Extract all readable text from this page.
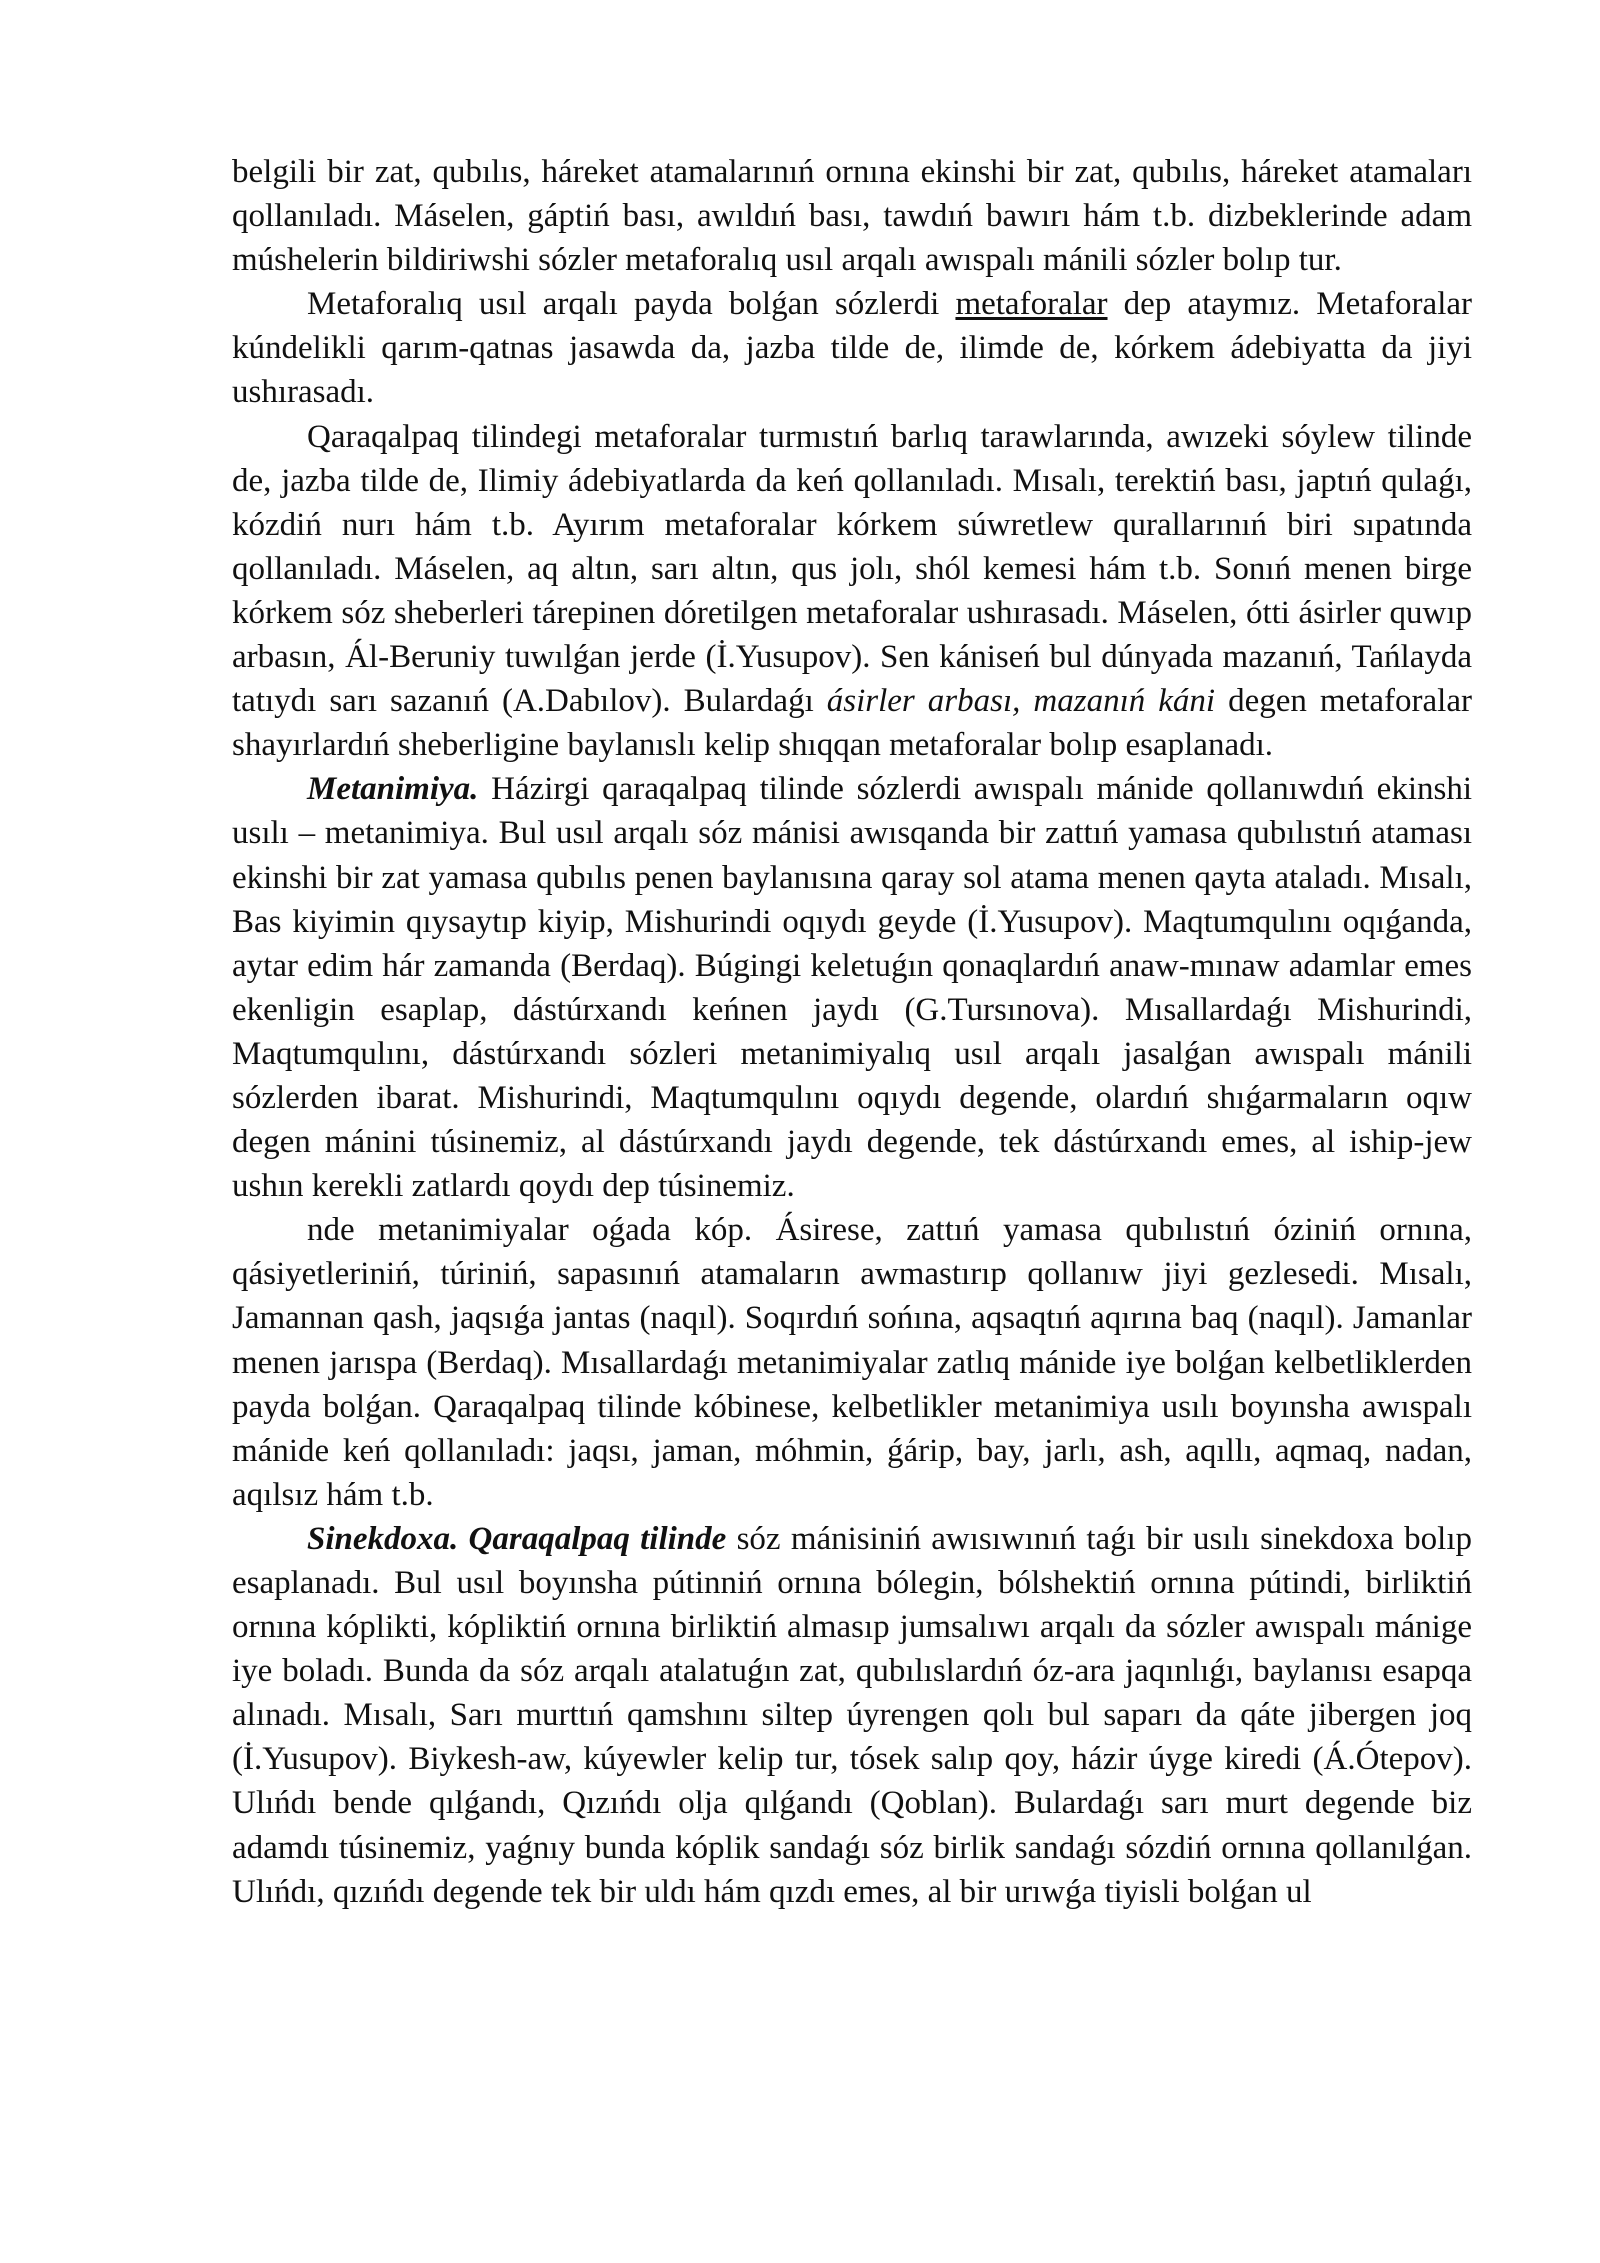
belgili bir zat, qubılıs, háreket atamalarınıń ornına ekinshi bir zat, qubılıs, háreket atamaları qollanıladı. Máselen, gáptiń bası, awıldıń bası, tawdıń bawırı hám t.b. dizbeklerinde adam múshelerin bildiriwshi sózler metaforalıq usıl arqalı awıspalı mánili sózler bolıp tur.

Metaforalıq usıl arqalı payda bolǵan sózlerdi metaforalar dep ataymız. Metaforalar kúndelikli qarım-qatnas jasawda da, jazba tilde de, ilimde de, kórkem ádebiyatta da jiyi ushırasadı.

Qaraqalpaq tilindegi metaforalar turmıstıń barlıq tarawlarında, awızeki sóylew tilinde de, jazba tilde de, Ilimiy ádebiyatlarda da keń qollanıladı. Mısalı, terektiń bası, japtıń qulaǵı, kózdiń nurı hám t.b. Ayırım metaforalar kórkem súwretlew qurallarınıń biri sıpatında qollanıladı. Máselen, aq altın, sarı altın, qus jolı, shól kemesi hám t.b. Sonıń menen birge kórkem sóz sheberleri tárepinen dóretilgen metaforalar ushırasadı. Máselen, ótti ásirler quwıp arbasın, Ál-Beruniy tuwılǵan jerde (İ.Yusupov). Sen kániseń bul dúnyada mazanıń, Tańlayda tatıydı sarı sazanıń (A.Dabılov). Bulardaǵı ásirler arbası, mazanıń káni degen metaforalar shayırlardıń sheberligine baylanıslı kelip shıqqan metaforalar bolıp esaplanadı.

Metanimiya. Házirgi qaraqalpaq tilinde sózlerdi awıspalı mánide qollanıwdıń ekinshi usılı – metanimiya. Bul usıl arqalı sóz mánisi awısqanda bir zattıń yamasa qubılıstıń ataması ekinshi bir zat yamasa qubılıs penen baylanısına qaray sol atama menen qayta ataladı. Mısalı, Bas kiyimin qıysaytıp kiyip, Mishurindi oqıydı geyde (İ.Yusupov). Maqtumqulını oqıǵanda, aytar edim hár zamanda (Berdaq). Búgingi keletuǵın qonaqlardıń anaw-mınaw adamlar emes ekenligin esaplap, dástúrxandı keńnen jaydı (G.Tursınova). Mısallardaǵı Mishurindi, Maqtumqulını, dástúrxandı sózleri metanimiyalıq usıl arqalı jasalǵan awıspalı mánili sózlerden ibarat. Mishurindi, Maqtumqulını oqıydı degende, olardıń shıǵarmaların oqıw degen mánini túsinemiz, al dástúrxandı jaydı degende, tek dástúrxandı emes, al iship-jew ushın kerekli zatlardı qoydı dep túsinemiz.

nde metanimiyalar oǵada kóp. Ásirese, zattıń yamasa qubılıstıń óziniń ornına, qásiyetleriniń, túriniń, sapasınıń atamaların awmastırıp qollanıw jiyi gezlesedi. Mısalı, Jamannan qash, jaqsıǵa jantas (naqıl). Soqırdıń sońına, aqsaqtıń aqırına baq (naqıl). Jamanlar menen jarıspa (Berdaq). Mısallardaǵı metanimiyalar zatlıq mánide iye bolǵan kelbetliklerden payda bolǵan. Qaraqalpaq tilinde kóbinese, kelbetlikler metanimiya usılı boyınsha awıspalı mánide keń qollanıladı: jaqsı, jaman, móhmin, ǵárip, bay, jarlı, ash, aqıllı, aqmaq, nadan, aqılsız hám t.b.

Sinekdoxa. Qaraqalpaq tilinde sóz mánisiniń awısıwınıń taǵı bir usılı sinekdoxa bolıp esaplanadı. Bul usıl boyınsha pútinniń ornına bólegin, bólshektiń ornına pútindi, birliktiń ornına kóplikti, kópliktiń ornına birliktiń almasıp jumsalıwı arqalı da sózler awıspalı mánige iye boladı. Bunda da sóz arqalı atalatuǵın zat, qubılıslardıń óz-ara jaqınlıǵı, baylanısı esapqa alınadı. Mısalı, Sarı murttıń qamshını siltep úyrengen qolı bul saparı da qáte jibergen joq (İ.Yusupov). Biykesh-aw, kúyewler kelip tur, tósek salıp qoy, házir úyge kiredi (Á.Ótepov). Ulıńdı bende qılǵandı, Qızıńdı olja qılǵandı (Qoblan). Bulardaǵı sarı murt degende biz adamdı túsinemiz, yaǵnıy bunda kóplik sandaǵı sóz birlik sandaǵı sózdiń ornına qollanılǵan. Ulıńdı, qızıńdı degende tek bir uldı hám qızdı emes, al bir urıwǵa tiyisli bolǵan ul
